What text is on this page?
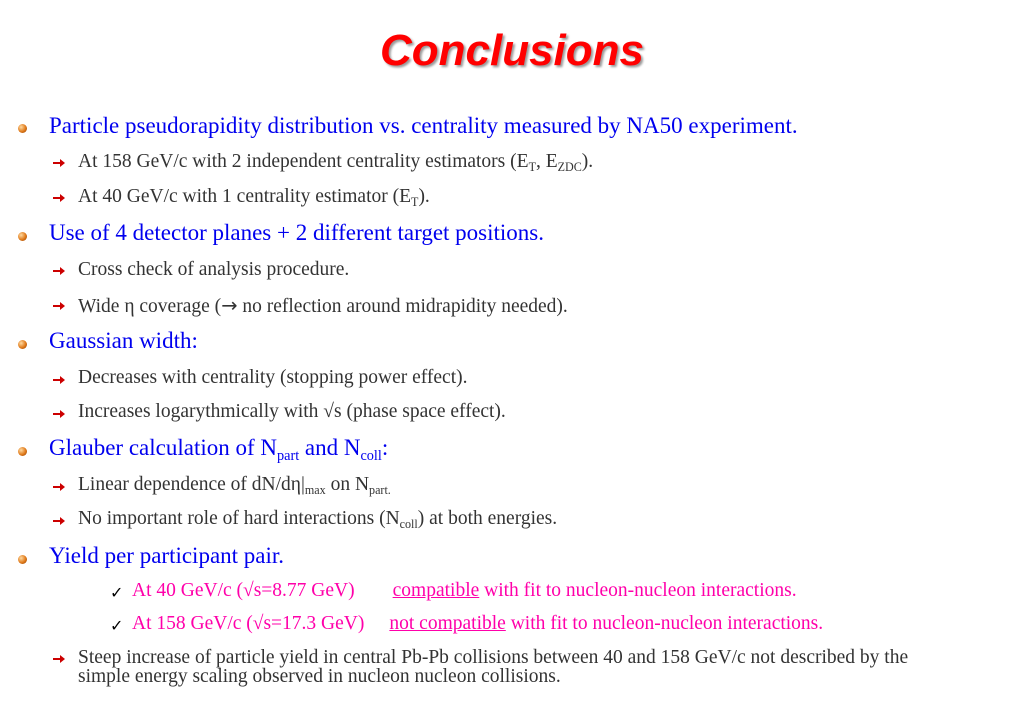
Conclusions
Particle pseudorapidity distribution vs. centrality measured by NA50 experiment.
At 158 GeV/c with 2 independent centrality estimators ($E_T$, $E_{ZDC}$).
At 40 GeV/c with 1 centrality estimator $(E_T)$.
Use of 4 detector planes + 2 different target positions.
Cross check of analysis procedure.
Wide η coverage (→ no reflection around midrapidity needed).
Gaussian width:
Decreases with centrality (stopping power effect).
Increases logarythmically with √s (phase space effect).
Glauber calculation of $N_{part}$ and $N_{coll}$:
Linear dependence of $dN/d\eta|_{max}$ on $N_{part.}$
No important role of hard interactions $(N_{coll})$ at both energies.
Yield per participant pair.
✓ At 40 GeV/c (√s=8.77 GeV) compatible with fit to nucleon-nucleon interactions.
✓ At 158 GeV/c (√s=17.3 GeV) not compatible with fit to nucleon-nucleon interactions.
Steep increase of particle yield in central Pb-Pb collisions between 40 and 158 GeV/c not described by the simple energy scaling observed in nucleon nucleon collisions.
